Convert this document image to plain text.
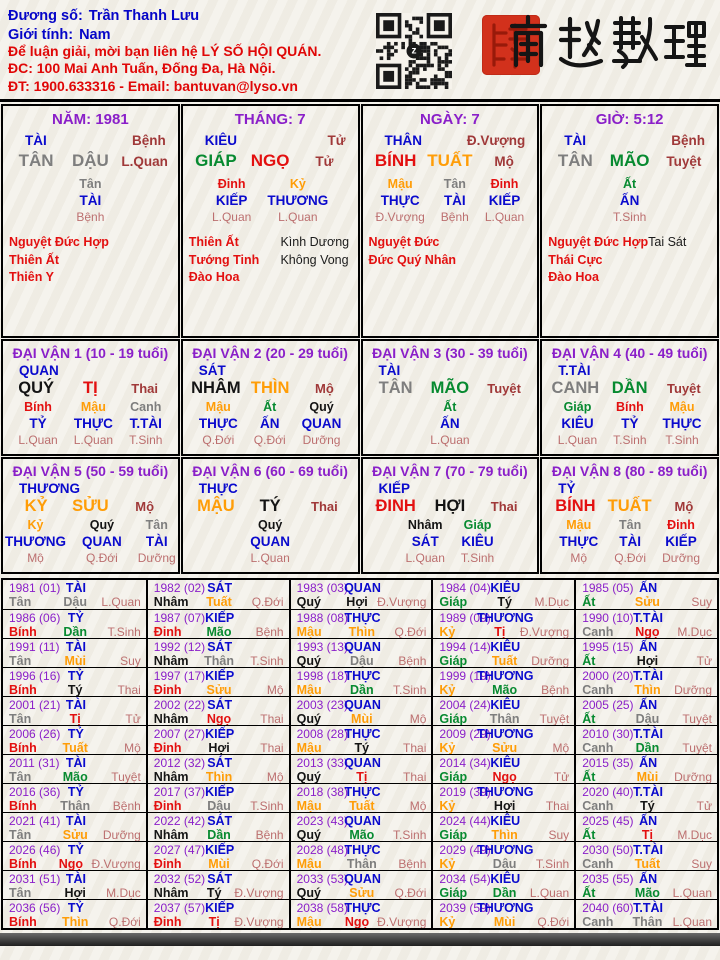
Đương số: Trần Thanh Lưu
Giới tính: Nam
Để luận giải, mời bạn liên hệ LÝ SỐ HỘI QUÁN.
ĐC: 100 Mai Anh Tuấn, Đống Đa, Hà Nội.
ĐT: 1900.633316 - Email: bantuvan@lyso.vn
z
NĂM: 1981
TÀI	Bệnh
TÂN	DẬU L.Quan
Tân
TÀI
Bệnh
Nguyệt Đức Hợp
Thiên Ất
Thiên Y
THÁNG: 7
KIÊU	Tử
GIÁP NGỌ	Tử
Đinh
KIẾP
L.Quan
Kỷ
THƯƠNG
L.Quan
Thiên Ất
Tướng Tinh
Đào Hoa
Kình Dương
Không Vong
NGÀY: 7
THÂN	Đ.Vượng
BÍNH TUẤT	Mộ
Mậu
THỰC
Đ.Vượng
Tân
TÀI
Bệnh
Đinh
KIẾP
L.Quan
Nguyệt Đức
Đức Quý Nhân
GIỜ: 5:12
TÀI	Bệnh
TÂN MÃO	Tuyệt
Ất
ẤN
T.Sinh
Nguyệt Đức Hợp
Thái Cực
Đào Hoa
Tai Sát
ĐẠI VẬN 1 (10 - 19 tuổi)
QUAN
QUÝ	TỊ	Thai
Bính
TỶ
L.Quan
Mậu
THỰC
L.Quan
Canh
T.TÀI
T.Sinh
ĐẠI VẬN 2 (20 - 29 tuổi)
SÁT
NHÂM THÌN	Mộ
Mậu
THỰC
Q.Đới
Ất
ẤN
Q.Đới
Quý
QUAN
Dưỡng
ĐẠI VẬN 3 (30 - 39 tuổi)
TÀI
TÂN	MÃO	Tuyệt
Ất
ẤN
L.Quan
ĐẠI VẬN 4 (40 - 49 tuổi)
T.TÀI
CANH DẦN	Tuyệt
Giáp
KIÊU
L.Quan
Bính
TỶ
T.Sinh
Mậu
THỰC
T.Sinh
ĐẠI VẬN 5 (50 - 59 tuổi)
THƯƠNG
KỶ	SỬU	Mộ
Kỷ
THƯƠNG
Mộ
Quý
QUAN
Q.Đới
Tân
TÀI
Dưỡng
ĐẠI VẬN 6 (60 - 69 tuổi)
THỰC
MẬU	TÝ	Thai
Quý
QUAN
L.Quan
ĐẠI VẬN 7 (70 - 79 tuổi)
KIẾP
ĐINH	HỢI	Thai
Nhâm
SÁT
L.Quan
Giáp
KIÊU
T.Sinh
ĐẠI VẬN 8 (80 - 89 tuổi)
TỶ
BÍNH TUẤT	Mộ
Mậu
THỰC
Mộ
Tân
TÀI
Q.Đới
Đinh
KIẾP
Dưỡng
1981 (01) TÀI
Tân	Dậu	L.Quan
1982 (02) SÁT
Nhâm	Tuất	Q.Đới
1983 (03)
QUAN
Quý	Hợi Đ.Vượng
1984 (04) KIÊU
Giáp	Tý	M.Dục
1985 (05) ẤN
Ất	Sửu	Suy
1986 (06) TỶ
Bính	Dần	T.Sinh
1987 (07) KIẾP
Đinh	Mão	Bệnh
1988 (08)
THỰC
Mậu	Thìn	Q.Đới
1989 (09)
THƯƠNG
Kỷ	Tị	Đ.Vượng
1990 (10) T.TÀI
Canh	Ngọ	M.Dục
1991 (11) TÀI
Tân	Mùi	Suy
1992 (12) SÁT
Nhâm	Thân	T.Sinh
1993 (13)
QUAN
Quý	Dậu	Bệnh
1994 (14) KIÊU
Giáp	Tuất	Dưỡng
1995 (15) ẤN
Ất	Hợi	Tử
1996 (16) TỶ
Bính	Tý	Thai
1997 (17) KIẾP
Đinh	Sửu	Mộ
1998 (18)
THỰC
Mậu	Dần	T.Sinh
1999 (19)
THƯƠNG
Kỷ	Mão	Bệnh
2000 (20) T.TÀI
Canh	Thìn	Dưỡng
2001 (21) TÀI
Tân	Tị	Tử
2002 (22) SÁT
Nhâm	Ngọ	Thai
2003 (23)
QUAN
Quý	Mùi	Mộ
2004 (24) KIÊU
Giáp	Thân	Tuyệt
2005 (25) ẤN
Ất	Dậu	Tuyệt
2006 (26) TỶ
Bính	Tuất	Mộ
2007 (27) KIẾP
Đinh	Hợi	Thai
2008 (28)
THỰC
Mậu	Tý	Thai
2009 (29)
THƯƠNG
Kỷ	Sửu	Mộ
2010 (30) T.TÀI
Canh	Dần	Tuyệt
2011 (31) TÀI
Tân	Mão	Tuyệt
2012 (32) SÁT
Nhâm	Thìn	Mộ
2013 (33)
QUAN
Quý	Tị	Thai
2014 (34) KIÊU
Giáp	Ngọ	Tử
2015 (35) ẤN
Ất	Mùi	Dưỡng
2016 (36) TỶ
Bính	Thân	Bệnh
2017 (37) KIẾP
Đinh	Dậu	T.Sinh
2018 (38)
THỰC
Mậu	Tuất	Mộ
2019 (39)
THƯƠNG
Kỷ	Hợi	Thai
2020 (40) T.TÀI
Canh	Tý	Tử
2021 (41) TÀI
Tân	Sửu	Dưỡng
2022 (42) SÁT
Nhâm	Dần	Bệnh
2023 (43)
QUAN
Quý	Mão	T.Sinh
2024 (44) KIÊU
Giáp	Thìn	Suy
2025 (45) ẤN
Ất	Tị	M.Dục
2026 (46) TỶ
Bính	Ngọ Đ.Vượng
2027 (47) KIẾP
Đinh	Mùi	Q.Đới
2028 (48)
THỰC
Mậu	Thân	Bệnh
2029 (49)
THƯƠNG
Kỷ	Dậu	T.Sinh
2030 (50) T.TÀI
Canh	Tuất	Suy
2031 (51) TÀI
Tân	Hợi	M.Dục
2032 (52) SÁT
Nhâm	Tý	Đ.Vượng
2033 (53)
QUAN
Quý	Sửu	Q.Đới
2034 (54) KIÊU
Giáp	Dần	L.Quan
2035 (55) ẤN
Ất	Mão	L.Quan
2036 (56) TỶ
Bính	Thìn	Q.Đới
2037 (57) KIẾP
Đinh	Tị	Đ.Vượng
2038 (58)
THỰC
Mậu	Ngọ Đ.Vượng
2039 (59)
THƯƠNG
Kỷ	Mùi	Q.Đới
2040 (60) T.TÀI
Canh	Thân L.Quan
